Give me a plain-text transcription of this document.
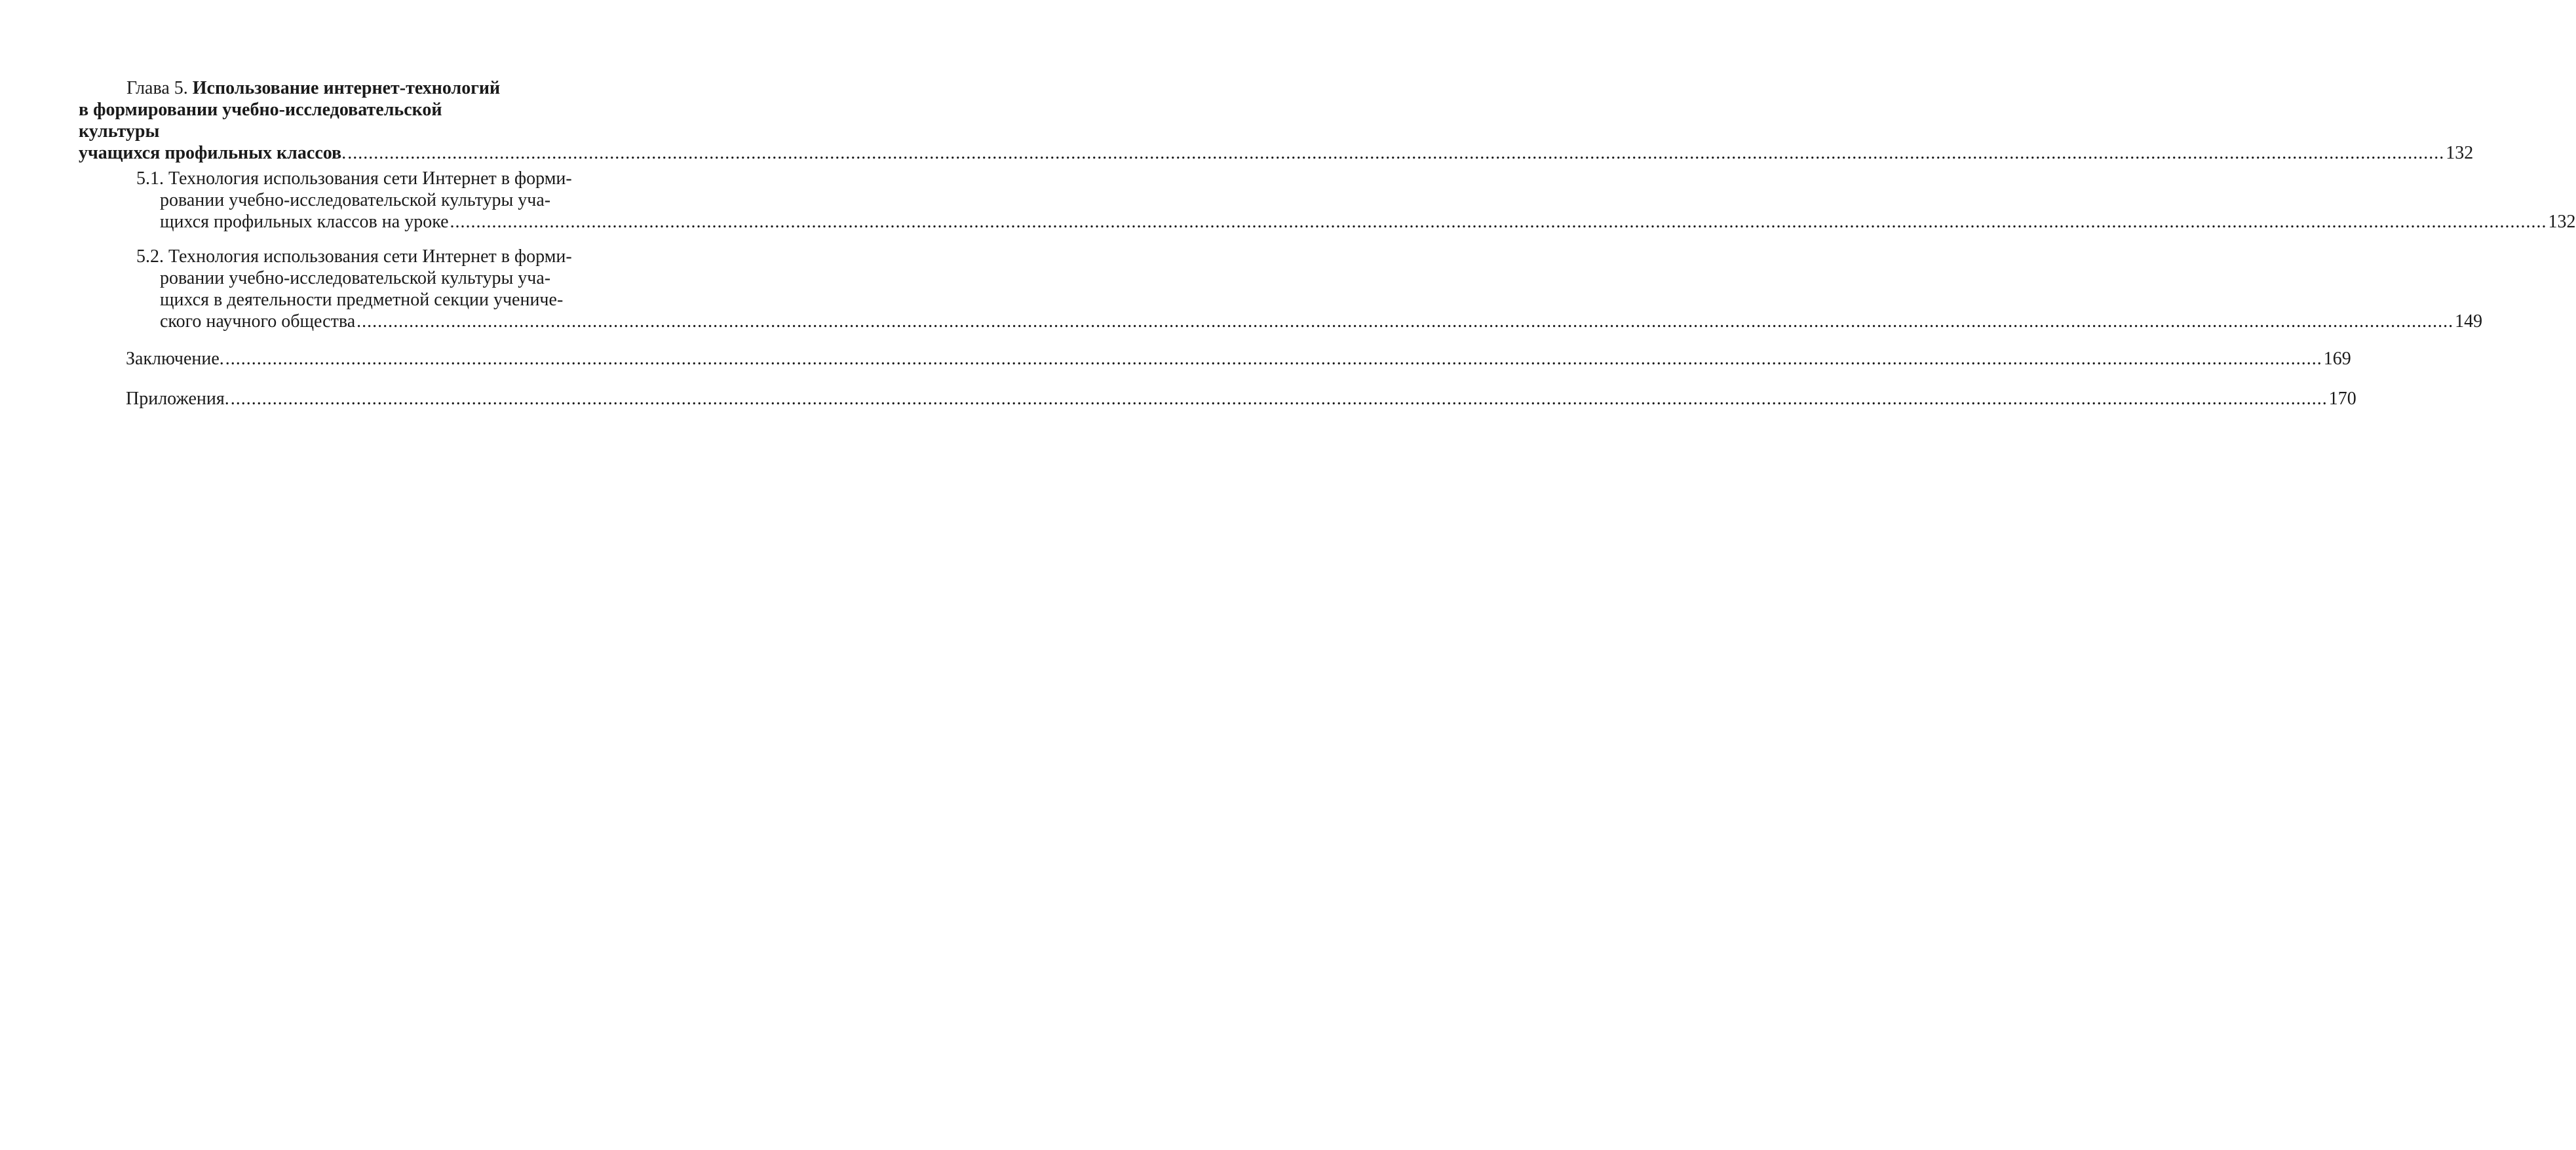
Глава 5. Использование интернет-технологий
в формировании учебно-исследовательской
культуры
учащихся профильных классов. ................................................................................................................................................................................................................................................................................................................................................................................................................ 132
5.1. Технология использования сети Интернет в форми-
ровании учебно-исследовательской культуры уча-
щихся профильных классов на уроке ................................................................................................................................................................................................................................................................................................................................................................................................................ 132
5.2. Технология использования сети Интернет в форми-
ровании учебно-исследовательской культуры уча-
щихся в деятельности предметной секции учениче-
ского научного общества ................................................................................................................................................................................................................................................................................................................................................................................................................ 149
Заключение. ................................................................................................................................................................................................................................................................................................................................................................................................................ 169
Приложения. ................................................................................................................................................................................................................................................................................................................................................................................................................ 170
